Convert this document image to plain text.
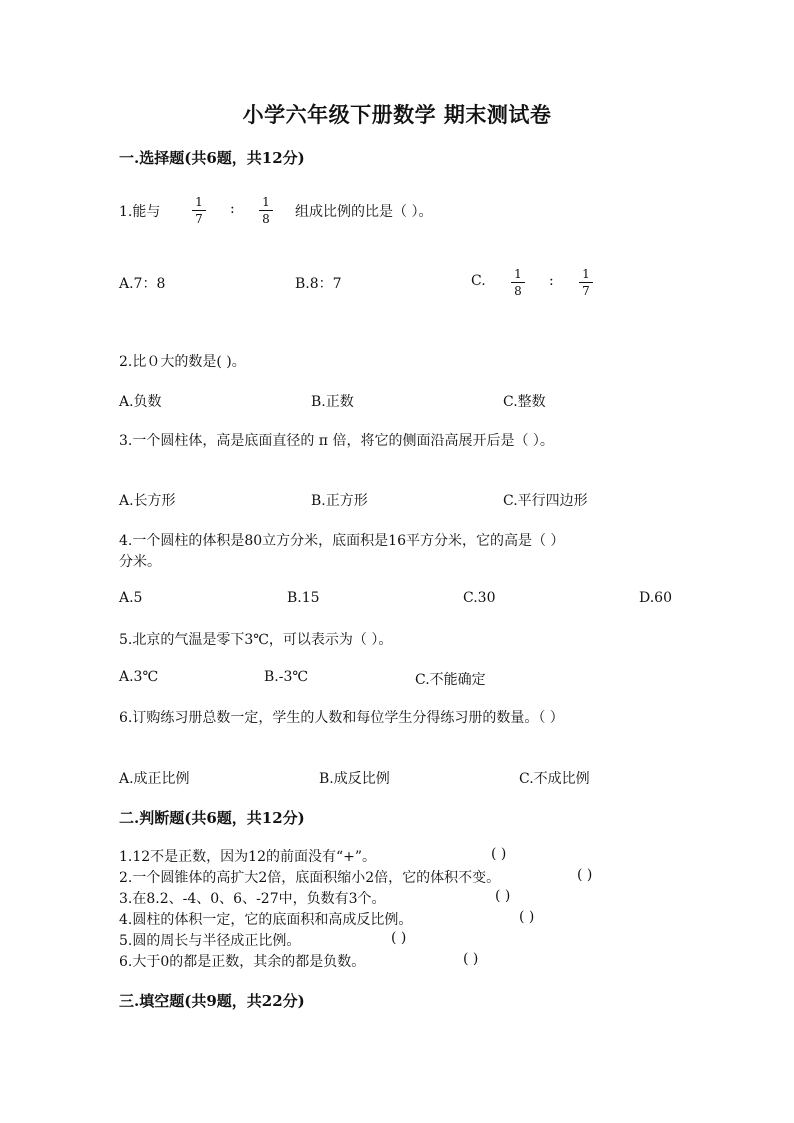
小学六年级下册数学 期末测试卷
一.选择题(共6题，共12分)
1.能与
1
7
:	1
8	组成比例的比是（ ）。
A.7：8	B.8：7	C.	1
8
:	1
7
2.比０大的数是( )。
A.负数	B.正数	C.整数
3.一个圆柱体，高是底面直径的 π 倍，将它的侧面沿高展开后是（ ）。
A.长方形	B.正方形	C.平行四边形
4.一个圆柱的体积是80立方分米，底面积是16平方分米，它的高是（ ）
分米。
A.5	B.15	C.30	D.60
5.北京的气温是零下3℃，可以表示为（ ）。
A.3℃	B.-3℃	C.不能确定
6.订购练习册总数一定，学生的人数和每位学生分得练习册的数量。（ ）
A.成正比例	B.成反比例	C.不成比例
二.判断题(共6题，共12分)
1.12不是正数，因为12的前面没有“+”。	( )
2.一个圆锥体的高扩大2倍，底面积缩小2倍，它的体积不变。	( )
3.在8.2、-4、0、6、-27中，负数有3个。	( )
4.圆柱的体积一定，它的底面积和高成反比例。	( )
5.圆的周长与半径成正比例。	( )
6.大于0的都是正数，其余的都是负数。	( )
三.填空题(共9题，共22分)
